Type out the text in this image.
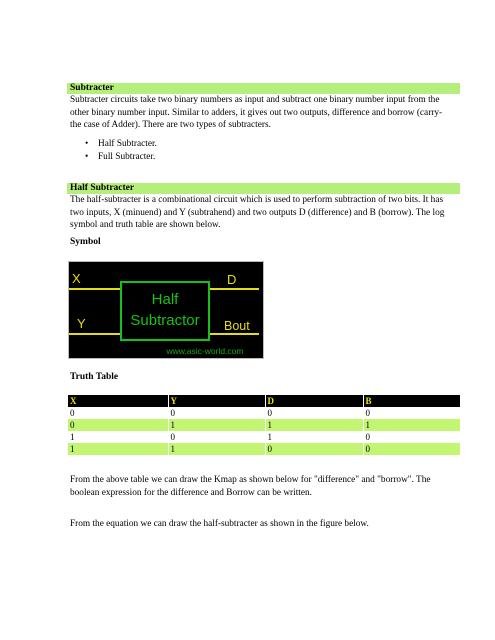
Subtracter
Subtracter circuits take two binary numbers as input and subtract one binary number input from the
other binary number input. Similar to adders, it gives out two outputs, difference and borrow (carry-
the case of Adder). There are two types of subtracters.
• Half Subtracter.
• Full Subtracter.
Half Subtracter
The half-subtracter is a combinational circuit which is used to perform subtraction of two bits. It has
two inputs, X (minuend) and Y (subtrahend) and two outputs D (difference) and B (borrow). The log
symbol and truth table are shown below.
Symbol
X
Y
D
Bout
Half
Subtractor
www.asic-world.com
Truth Table
X	Y	D	B
0	0	0	0
0	1	1	1
1	0	1	0
1	1	0	0
From the above table we can draw the Kmap as shown below for "difference" and "borrow". The
boolean expression for the difference and Borrow can be written.
From the equation we can draw the half-subtracter as shown in the figure below.
